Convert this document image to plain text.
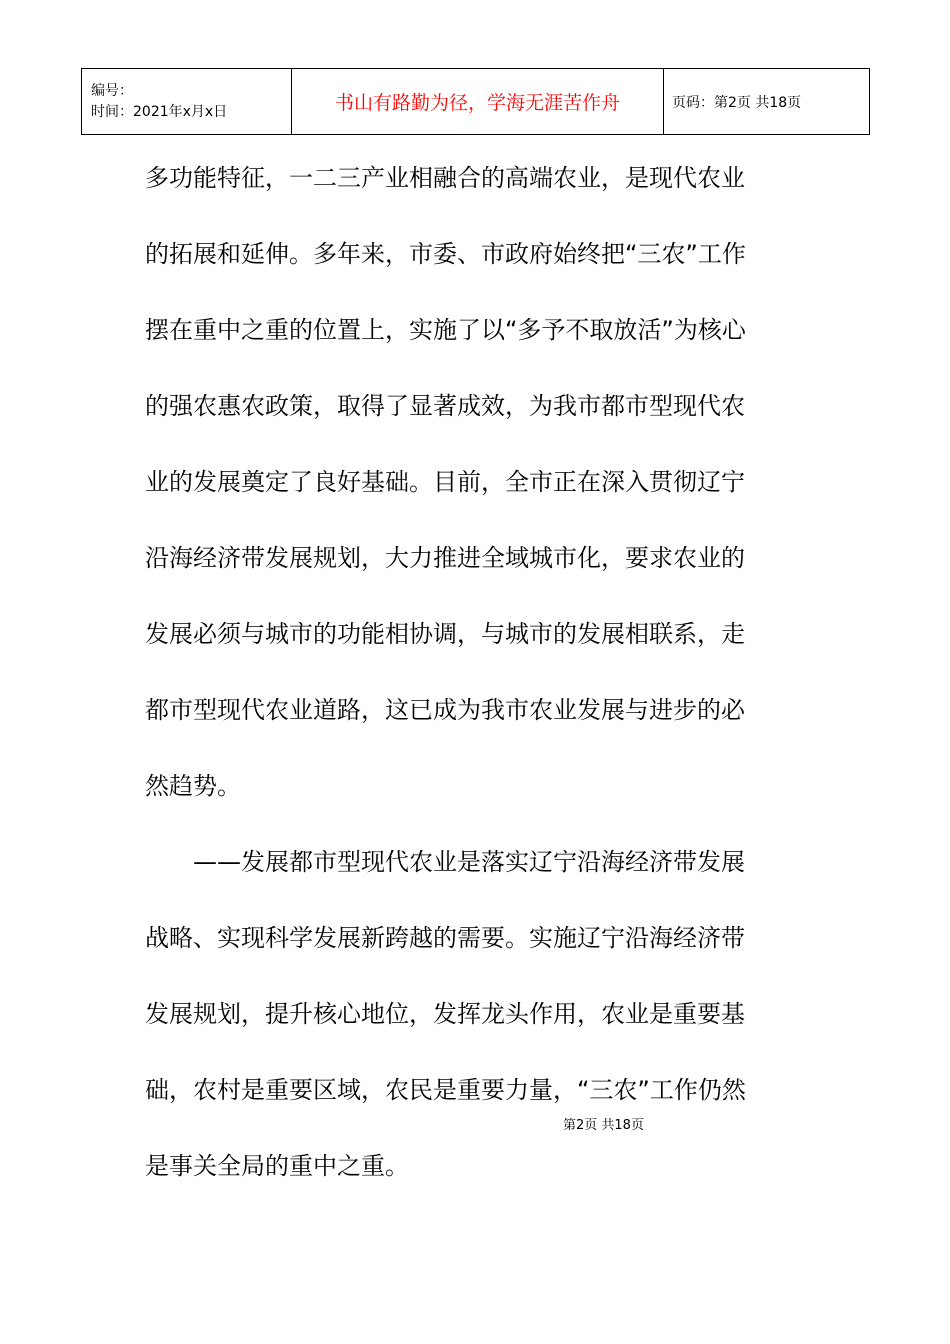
编号：
时间：2021年x月x日	书山有路勤为径，学海无涯苦作舟	页码：第2页 共18页
多功能特征，一二三产业相融合的高端农业，是现代农业
的拓展和延伸。多年来，市委、市政府始终把“三农”工作
摆在重中之重的位置上，实施了以“多予不取放活”为核心
的强农惠农政策，取得了显著成效，为我市都市型现代农
业的发展奠定了良好基础。目前，全市正在深入贯彻辽宁
沿海经济带发展规划，大力推进全域城市化，要求农业的
发展必须与城市的功能相协调，与城市的发展相联系，走
都市型现代农业道路，这已成为我市农业发展与进步的必
然趋势。
——发展都市型现代农业是落实辽宁沿海经济带发展
战略、实现科学发展新跨越的需要。实施辽宁沿海经济带
发展规划，提升核心地位，发挥龙头作用，农业是重要基
础，农村是重要区域，农民是重要力量，“三农”工作仍然
是事关全局的重中之重。
第2页 共18页
